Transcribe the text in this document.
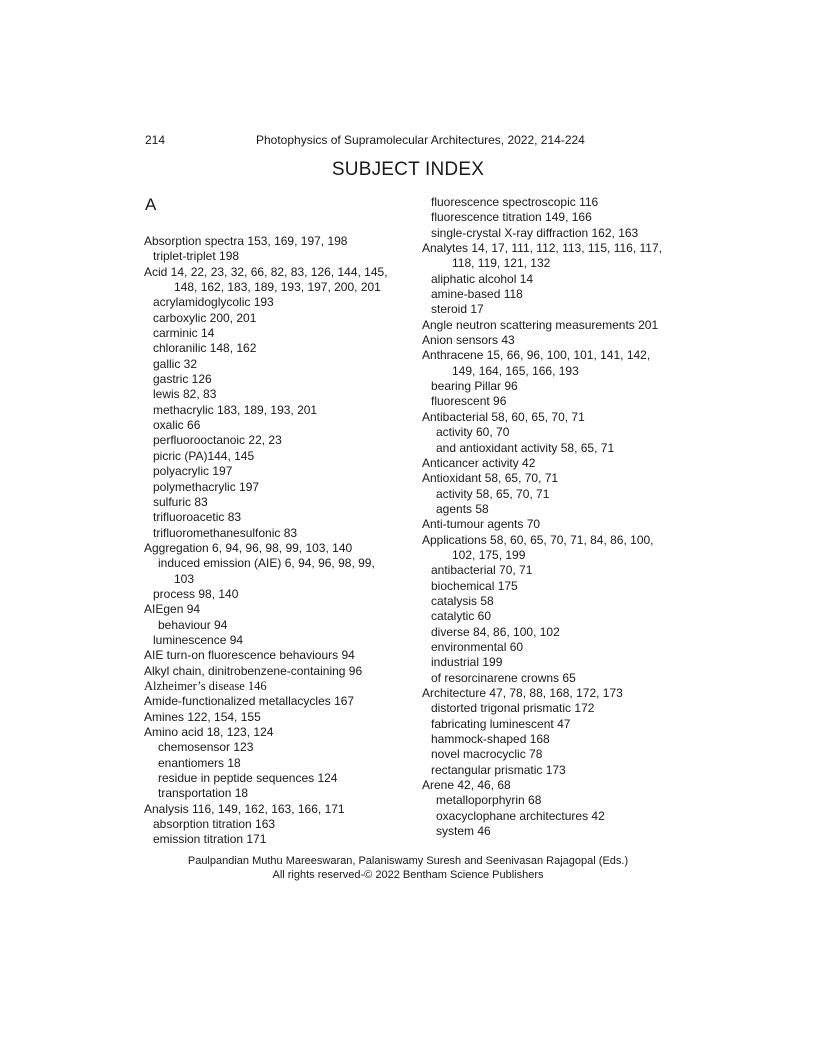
214	Photophysics of Supramolecular Architectures, 2022, 214-224
SUBJECT INDEX
A
Absorption spectra 153, 169, 197, 198
triplet-triplet 198
Acid 14, 22, 23, 32, 66, 82, 83, 126, 144, 145,
148, 162, 183, 189, 193, 197, 200, 201
acrylamidoglycolic 193
carboxylic 200, 201
carminic 14
chloranilic 148, 162
gallic 32
gastric 126
lewis 82, 83
methacrylic 183, 189, 193, 201
oxalic 66
perfluorooctanoic 22, 23
picric (PA)144, 145
polyacrylic 197
polymethacrylic 197
sulfuric 83
trifluoroacetic 83
trifluoromethanesulfonic 83
Aggregation 6, 94, 96, 98, 99, 103, 140
induced emission (AIE) 6, 94, 96, 98, 99,
103
process 98, 140
AIEgen 94
behaviour 94
luminescence 94
AIE turn-on fluorescence behaviours 94
Alkyl chain, dinitrobenzene-containing 96
Alzheimer’s disease 146
Amide-functionalized metallacycles 167
Amines 122, 154, 155
Amino acid 18, 123, 124
chemosensor 123
enantiomers 18
residue in peptide sequences 124
transportation 18
Analysis 116, 149, 162, 163, 166, 171
absorption titration 163
emission titration 171
fluorescence spectroscopic 116
fluorescence titration 149, 166
single-crystal X-ray diffraction 162, 163
Analytes 14, 17, 111, 112, 113, 115, 116, 117,
118, 119, 121, 132
aliphatic alcohol 14
amine-based 118
steroid 17
Angle neutron scattering measurements 201
Anion sensors 43
Anthracene 15, 66, 96, 100, 101, 141, 142,
149, 164, 165, 166, 193
bearing Pillar 96
fluorescent 96
Antibacterial 58, 60, 65, 70, 71
activity 60, 70
and antioxidant activity 58, 65, 71
Anticancer activity 42
Antioxidant 58, 65, 70, 71
activity 58, 65, 70, 71
agents 58
Anti-tumour agents 70
Applications 58, 60, 65, 70, 71, 84, 86, 100,
102, 175, 199
antibacterial 70, 71
biochemical 175
catalysis 58
catalytic 60
diverse 84, 86, 100, 102
environmental 60
industrial 199
of resorcinarene crowns 65
Architecture 47, 78, 88, 168, 172, 173
distorted trigonal prismatic 172
fabricating luminescent 47
hammock-shaped 168
novel macrocyclic 78
rectangular prismatic 173
Arene 42, 46, 68
metalloporphyrin 68
oxacyclophane architectures 42
system 46
Paulpandian Muthu Mareeswaran, Palaniswamy Suresh and Seenivasan Rajagopal (Eds.)
All rights reserved-© 2022 Bentham Science Publishers
